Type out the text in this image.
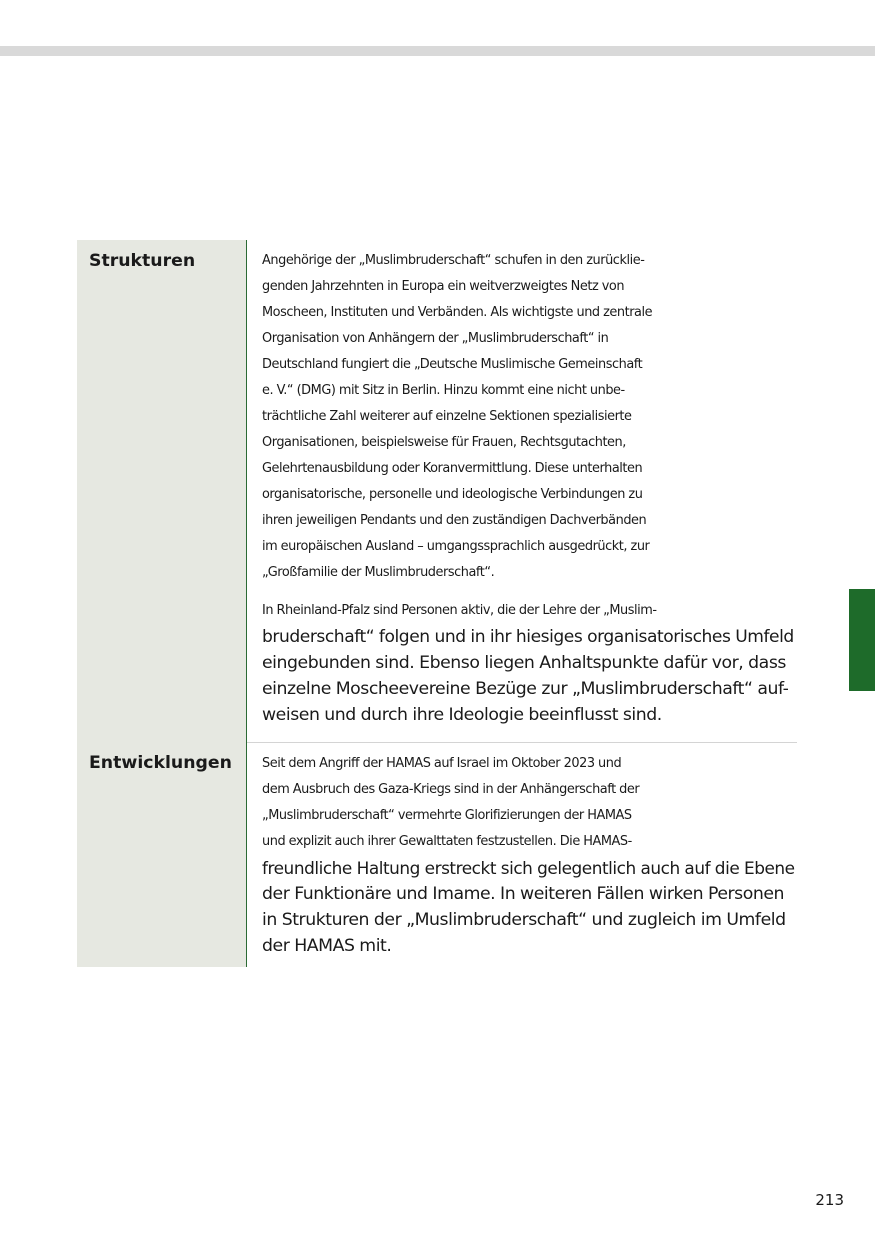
Strukturen	Angehörige der „Muslimbruderschaft“ schufen in den zurücklie-
genden Jahrzehnten in Europa ein weitverzweigtes Netz von
Moscheen, Instituten und Verbänden. Als wichtigste und zentrale
Organisation von Anhängern der „Muslimbruderschaft“ in
Deutschland fungiert die „Deutsche Muslimische Gemeinschaft
e. V.“ (DMG) mit Sitz in Berlin. Hinzu kommt eine nicht unbe-
trächtliche Zahl weiterer auf einzelne Sektionen spezialisierte
Organisationen, beispielsweise für Frauen, Rechtsgutachten,
Gelehrtenausbildung oder Koranvermittlung. Diese unterhalten
organisatorische, personelle und ideologische Verbindungen zu
ihren jeweiligen Pendants und den zuständigen Dachverbänden
im europäischen Ausland – umgangssprachlich ausgedrückt, zur
„Großfamilie der Muslimbruderschaft“.

In Rheinland-Pfalz sind Personen aktiv, die der Lehre der „Muslim-
bruderschaft“ folgen und in ihr hiesiges organisatorisches Umfeld
eingebunden sind. Ebenso liegen Anhaltspunkte dafür vor, dass
einzelne Moscheevereine Bezüge zur „Muslimbruderschaft“ auf-
weisen und durch ihre Ideologie beeinflusst sind.

Entwicklungen	Seit dem Angriff der HAMAS auf Israel im Oktober 2023 und
dem Ausbruch des Gaza-Kriegs sind in der Anhängerschaft der
„Muslimbruderschaft“ vermehrte Glorifizierungen der HAMAS
und explizit auch ihrer Gewalttaten festzustellen. Die HAMAS-
freundliche Haltung erstreckt sich gelegentlich auch auf die Ebene
der Funktionäre und Imame. In weiteren Fällen wirken Personen
in Strukturen der „Muslimbruderschaft“ und zugleich im Umfeld
der HAMAS mit.

213
